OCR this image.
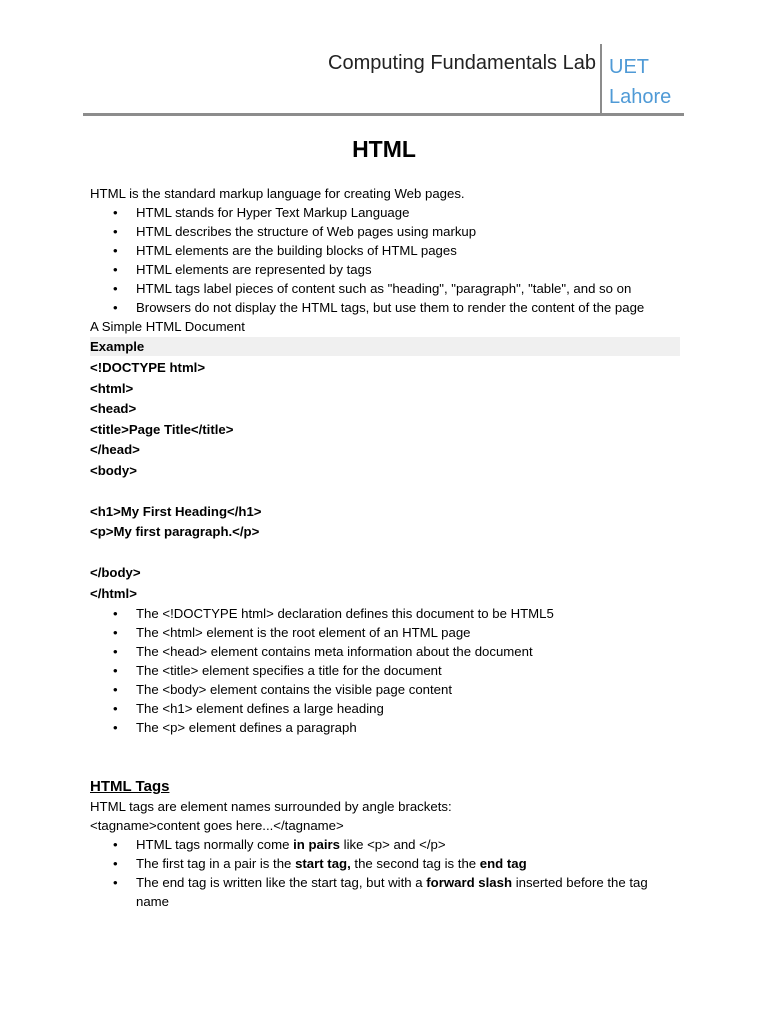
Computing Fundamentals Lab UET
Lahore
HTML

HTML is the standard markup language for creating Web pages.

• HTML stands for Hyper Text Markup Language
• HTML describes the structure of Web pages using markup
• HTML elements are the building blocks of HTML pages
• HTML elements are represented by tags
• HTML tags label pieces of content such as "heading", "paragraph", "table", and so on
• Browsers do not display the HTML tags, but use them to render the content of the page

A Simple HTML Document

Example
<!DOCTYPE html>
<html>
<head>
<title>Page Title</title>
</head>
<body>
<h1>My First Heading</h1>
<p>My first paragraph.</p>
</body>
</html>
• The <!DOCTYPE html> declaration defines this document to be HTML5
• The <html> element is the root element of an HTML page
• The <head> element contains meta information about the document
• The <title> element specifies a title for the document
• The <body> element contains the visible page content
• The <h1> element defines a large heading
• The <p> element defines a paragraph
HTML Tags

HTML tags are element names surrounded by angle brackets:

<tagname>content goes here...</tagname>

• HTML tags normally come in pairs like <p> and </p>
• The first tag in a pair is the start tag, the second tag is the end tag
• The end tag is written like the start tag, but with a forward slash inserted before the tag name
